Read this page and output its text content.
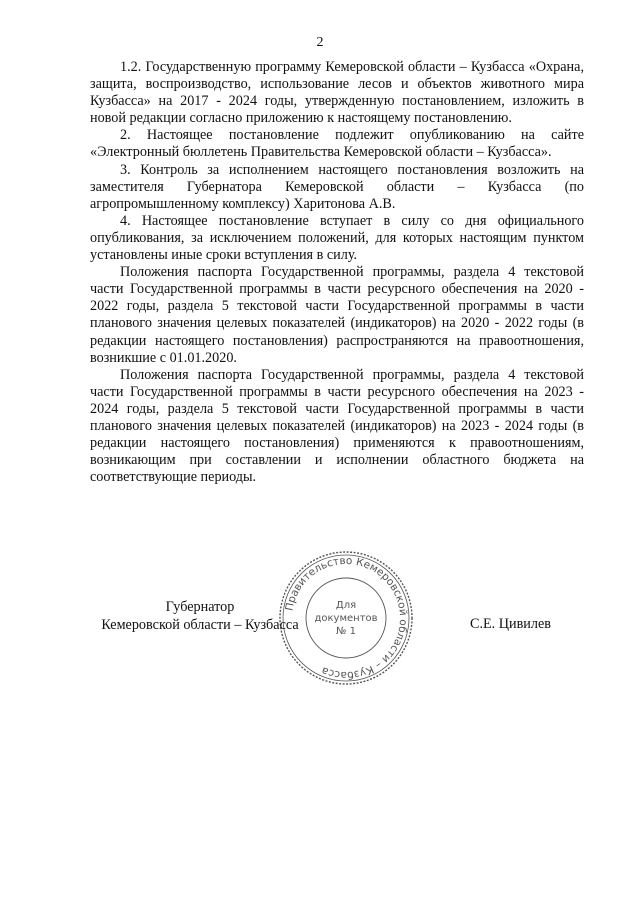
2

1.2. Государственную программу Кемеровской области – Кузбасса «Охрана, защита, воспроизводство, использование лесов и объектов животного мира Кузбасса» на 2017 - 2024 годы, утвержденную постановлением, изложить в новой редакции согласно приложению к настоящему постановлению.

2. Настоящее постановление подлежит опубликованию на сайте «Электронный бюллетень Правительства Кемеровской области – Кузбасса».

3. Контроль за исполнением настоящего постановления возложить на заместителя Губернатора Кемеровской области – Кузбасса (по агропромышленному комплексу) Харитонова А.В.

4. Настоящее постановление вступает в силу со дня официального опубликования, за исключением положений, для которых настоящим пунктом установлены иные сроки вступления в силу.

Положения паспорта Государственной программы, раздела 4 текстовой части Государственной программы в части ресурсного обеспечения на 2020 - 2022 годы, раздела 5 текстовой части Государственной программы в части планового значения целевых показателей (индикаторов) на 2020 - 2022 годы (в редакции настоящего постановления) распространяются на правоотношения, возникшие с 01.01.2020.

Положения паспорта Государственной программы, раздела 4 текстовой части Государственной программы в части ресурсного обеспечения на 2023 - 2024 годы, раздела 5 текстовой части Государственной программы в части планового значения целевых показателей (индикаторов) на 2023 - 2024 годы (в редакции настоящего постановления) применяются к правоотношениям, возникающим при составлении и исполнении областного бюджета на соответствующие периоды.

Правительство Кемеровской области – Кузбасса
Для
документов
№ 1
Губернатор
Кемеровской области – Кузбасса	С.Е. Цивилев
